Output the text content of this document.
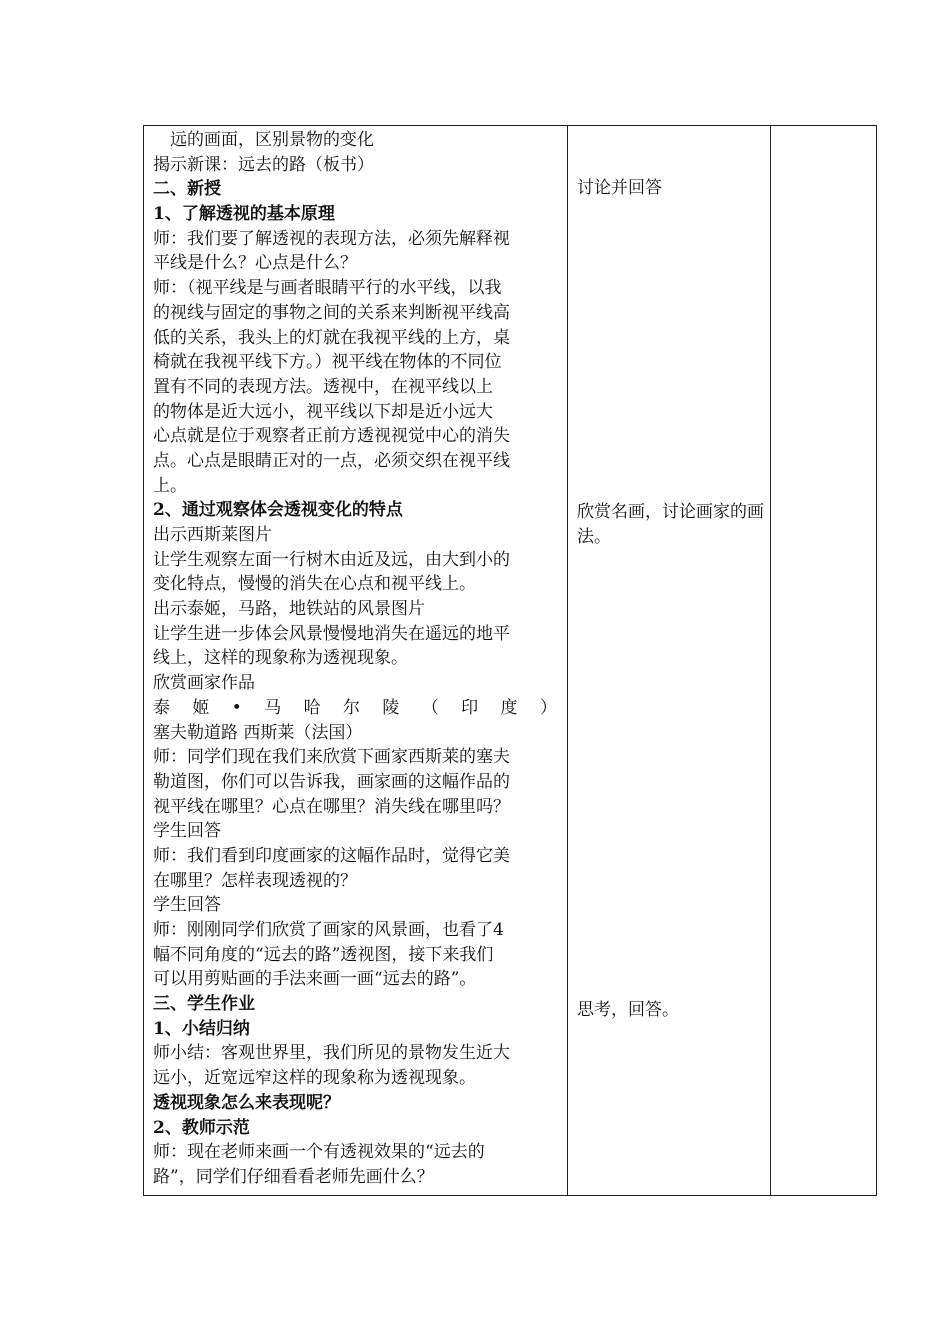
　远的画面，区别景物的变化
揭示新课：远去的路（板书）
二、新授
1、了解透视的基本原理
师：我们要了解透视的表现方法，必须先解释视
平线是什么？心点是什么？
师：（视平线是与画者眼睛平行的水平线，以我
的视线与固定的事物之间的关系来判断视平线高
低的关系，我头上的灯就在我视平线的上方，桌
椅就在我视平线下方。）视平线在物体的不同位
置有不同的表现方法。透视中，在视平线以上
的物体是近大远小，视平线以下却是近小远大
心点就是位于观察者正前方透视视觉中心的消失
点。心点是眼睛正对的一点，必须交织在视平线
上。
2、通过观察体会透视变化的特点
出示西斯莱图片
让学生观察左面一行树木由近及远，由大到小的
变化特点，慢慢的消失在心点和视平线上。
出示泰姬，马路，地铁站的风景图片
让学生进一步体会风景慢慢地消失在遥远的地平
线上，这样的现象称为透视现象。
欣赏画家作品
泰 姬 • 马 哈 尔 陵 （ 印 度 ）
塞夫勒道路 西斯莱（法国）
师：同学们现在我们来欣赏下画家西斯莱的塞夫
勒道图，你们可以告诉我，画家画的这幅作品的
视平线在哪里？心点在哪里？消失线在哪里吗？
学生回答
师：我们看到印度画家的这幅作品时，觉得它美
在哪里？怎样表现透视的？
学生回答
师：刚刚同学们欣赏了画家的风景画，也看了4
幅不同角度的“远去的路”透视图，接下来我们
可以用剪贴画的手法来画一画“远去的路”。
三、学生作业
1、小结归纳
师小结：客观世界里，我们所见的景物发生近大
远小，近宽远窄这样的现象称为透视现象。
透视现象怎么来表现呢？
2、教师示范
师：现在老师来画一个有透视效果的“远去的
路”，同学们仔细看看老师先画什么？
讨论并回答
欣赏名画，讨论画家的画法。
思考，回答。
